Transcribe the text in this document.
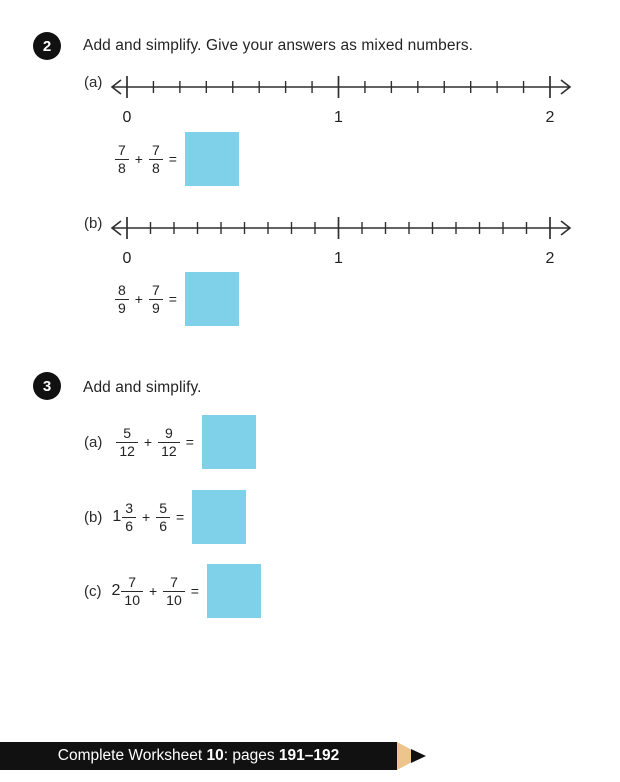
2	Add and simplify. Give your answers as mixed numbers.
(a)
0	1	2
$\frac{7}{8} + \frac{7}{8}$ =
(b)
0	1	2
$\frac{8}{9} + \frac{7}{9}$ =
3	Add and simplify.
$(a) \frac{5}{12} + \frac{9}{12}$ =
(b) $1 \frac{3}{6} + \frac{5}{6}$ =
(c) $2 \frac{7}{10} + \frac{7}{10}$ =
Complete Worksheet 10 : pages 191–192
